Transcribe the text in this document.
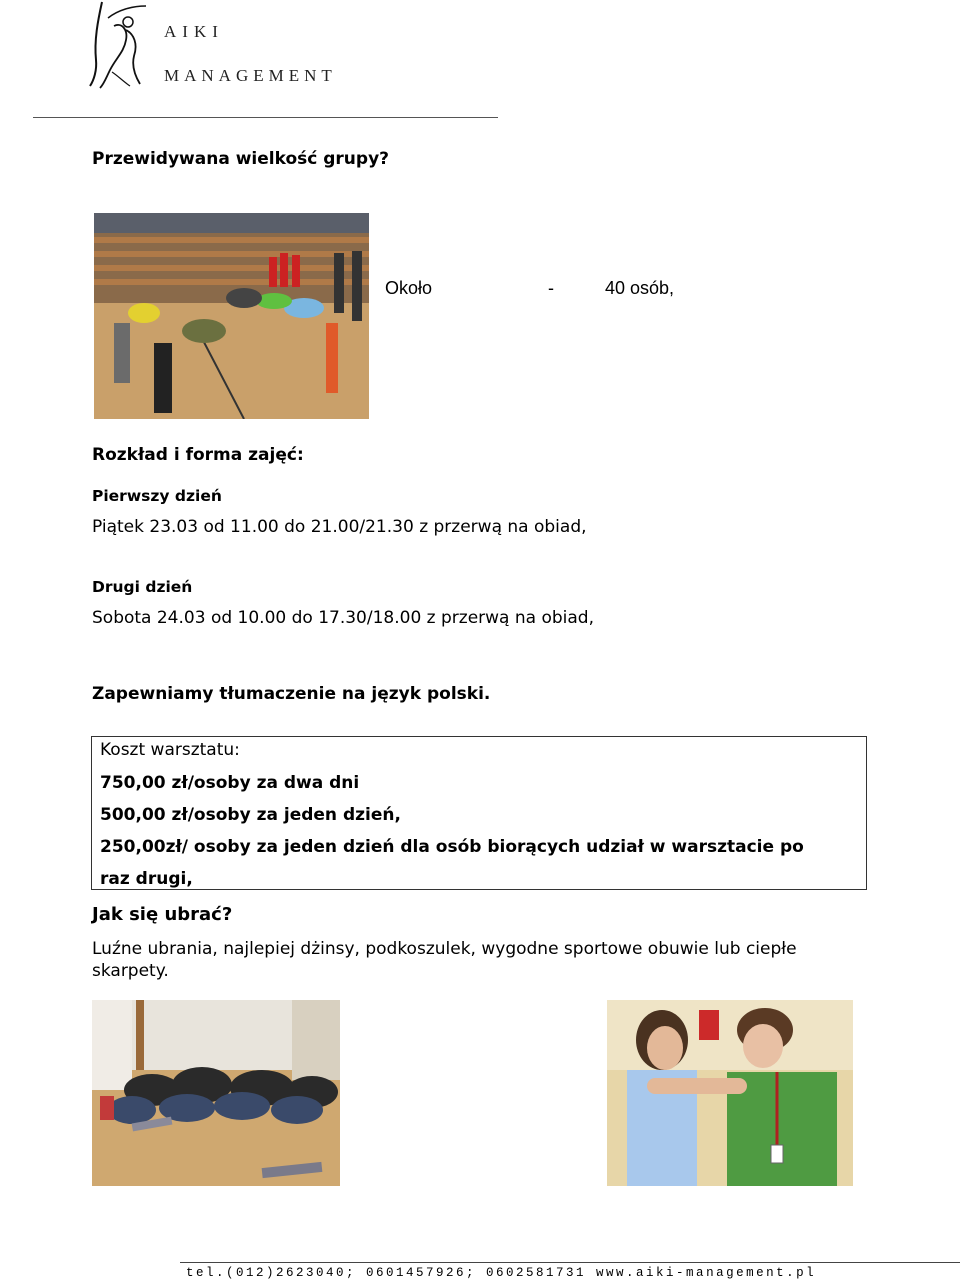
AIKI
MANAGEMENT
Przewidywana wielkość grupy?
Około	-	40 osób,
Rozkład i forma zajęć:
Pierwszy dzień
Piątek 23.03 od 11.00 do 21.00/21.30 z przerwą na obiad,
Drugi dzień
Sobota 24.03 od 10.00 do 17.30/18.00 z przerwą na obiad,
Zapewniamy tłumaczenie na język polski.
Koszt warsztatu:
750,00 zł/osoby za dwa dni
500,00 zł/osoby za jeden dzień,
250,00zł/ osoby za jeden dzień dla osób biorących udział w warsztacie po
raz drugi,
Jak się ubrać?
Luźne ubrania, najlepiej dżinsy, podkoszulek, wygodne sportowe obuwie lub ciepłe
skarpety.
tel.(012)2623040; 0601457926; 0602581731 www.aiki-management.pl
